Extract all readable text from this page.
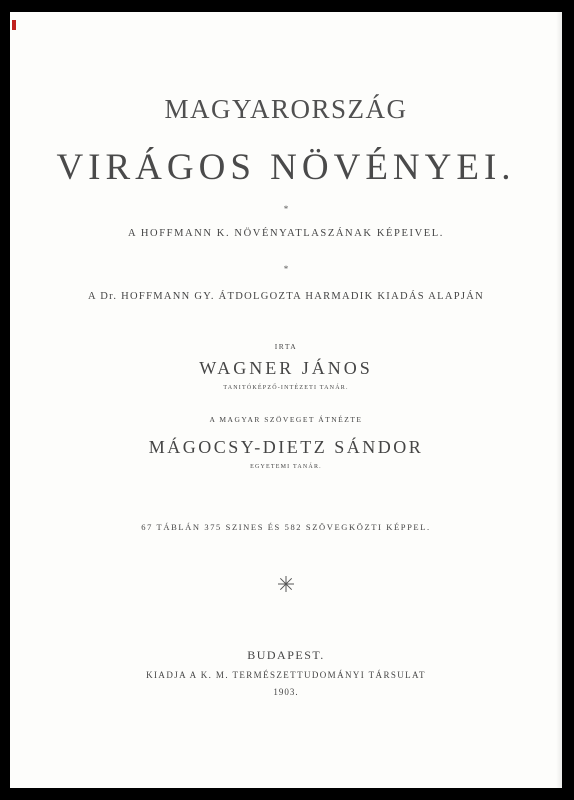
MAGYARORSZÁG
VIRÁGOS NÖVÉNYEI.
*
A HOFFMANN K. NÖVÉNYATLASZÁNAK KÉPEIVEL.
*
A Dr. HOFFMANN GY. ÁTDOLGOZTA HARMADIK KIADÁS ALAPJÁN
IRTA
WAGNER JÁNOS
TANITÓKÉPZŐ-INTÉZETI TANÁR.
A MAGYAR SZÖVEGET ÁTNÉZTE
MÁGOCSY-DIETZ SÁNDOR
EGYETEMI TANÁR.
67 TÁBLÁN 375 SZINES ÉS 582 SZÖVEGKÖZTI KÉPPEL.
BUDAPEST.
KIADJA A K. M. TERMÉSZETTUDOMÁNYI TÁRSULAT
1903.
